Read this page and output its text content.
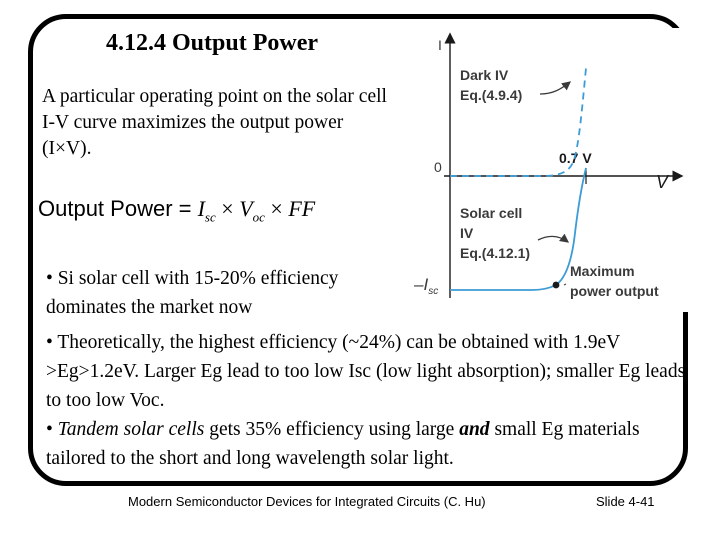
4.12.4 Output Power
A particular operating point on the solar cell I-V curve maximizes the output power (I×V).
Output Power = $I_{sc} \times V_{oc}$ × FF
• Si solar cell with 15-20% efficiency dominates the market now
• Theoretically, the highest efficiency (~24%) can be obtained with 1.9eV >Eg>1.2eV. Larger Eg lead to too low Isc (low light absorption); smaller Eg leads to too low Voc.
• Tandem solar cells gets 35% efficiency using large and small Eg materials tailored to the short and long wavelength solar light.
Modern Semiconductor Devices for Integrated Circuits (C. Hu)	Slide 4-41
I
V
0
0.7 V
$-I_{sc}$
Dark IV
Eq.(4.9.4)
Solar cell
IV
Eq.(4.12.1)
Maximum
power output
